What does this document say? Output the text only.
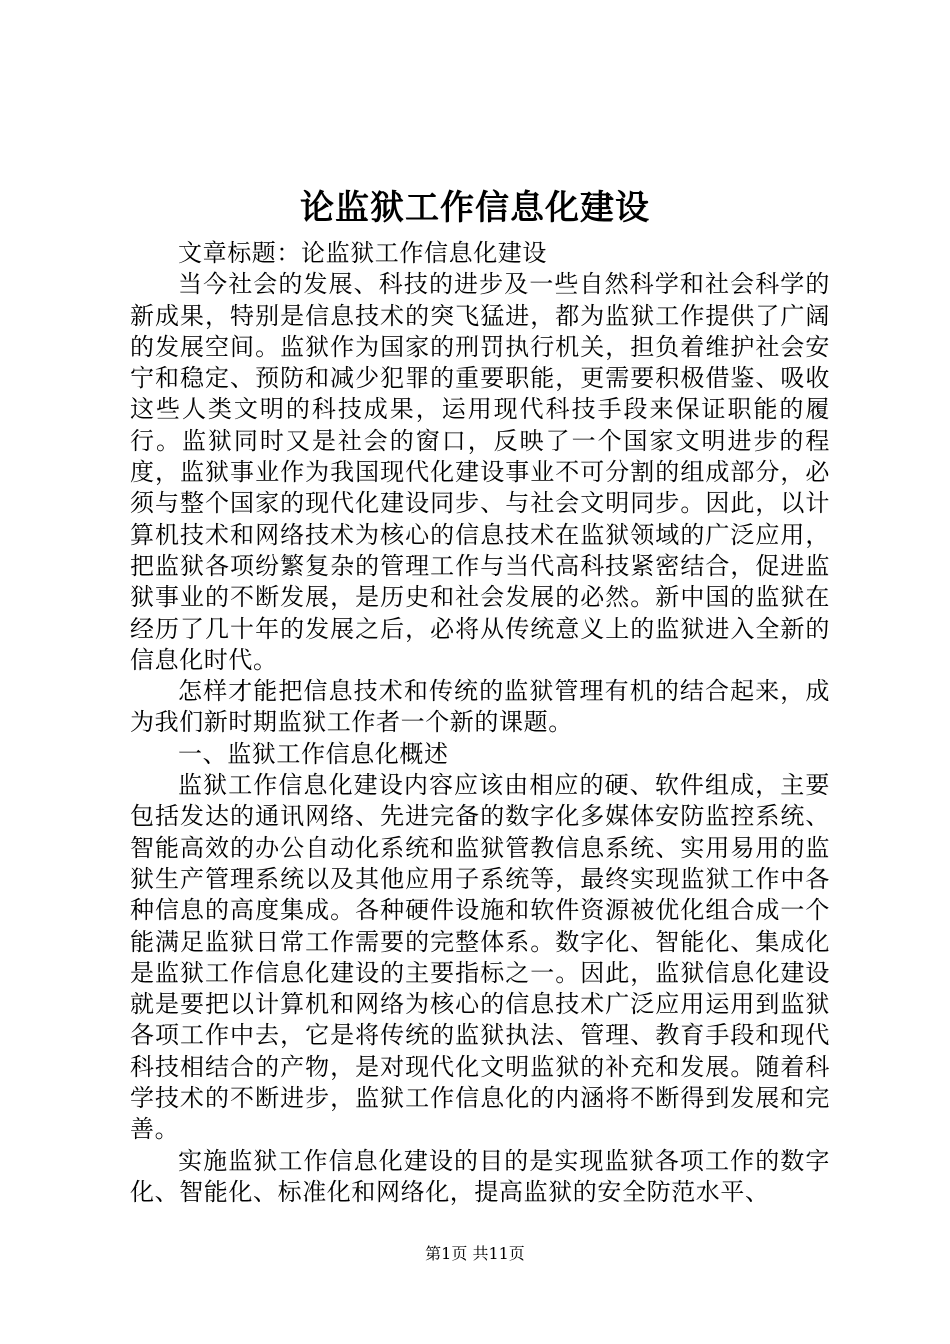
论监狱工作信息化建设

文章标题：论监狱工作信息化建设

当今社会的发展、科技的进步及一些自然科学和社会科学的新成果，特别是信息技术的突飞猛进，都为监狱工作提供了广阔的发展空间。监狱作为国家的刑罚执行机关，担负着维护社会安宁和稳定、预防和减少犯罪的重要职能，更需要积极借鉴、吸收这些人类文明的科技成果，运用现代科技手段来保证职能的履行。监狱同时又是社会的窗口，反映了一个国家文明进步的程度，监狱事业作为我国现代化建设事业不可分割的组成部分，必须与整个国家的现代化建设同步、与社会文明同步。因此，以计算机技术和网络技术为核心的信息技术在监狱领域的广泛应用，把监狱各项纷繁复杂的管理工作与当代高科技紧密结合，促进监狱事业的不断发展，是历史和社会发展的必然。新中国的监狱在经历了几十年的发展之后，必将从传统意义上的监狱进入全新的信息化时代。

怎样才能把信息技术和传统的监狱管理有机的结合起来，成为我们新时期监狱工作者一个新的课题。

一、监狱工作信息化概述

监狱工作信息化建设内容应该由相应的硬、软件组成，主要包括发达的通讯网络、先进完备的数字化多媒体安防监控系统、智能高效的办公自动化系统和监狱管教信息系统、实用易用的监狱生产管理系统以及其他应用子系统等，最终实现监狱工作中各种信息的高度集成。各种硬件设施和软件资源被优化组合成一个能满足监狱日常工作需要的完整体系。数字化、智能化、集成化是监狱工作信息化建设的主要指标之一。因此，监狱信息化建设就是要把以计算机和网络为核心的信息技术广泛应用运用到监狱各项工作中去，它是将传统的监狱执法、管理、教育手段和现代科技相结合的产物，是对现代化文明监狱的补充和发展。随着科学技术的不断进步，监狱工作信息化的内涵将不断得到发展和完善。

实施监狱工作信息化建设的目的是实现监狱各项工作的数字化、智能化、标准化和网络化，提高监狱的安全防范水平、

第1页 共11页
